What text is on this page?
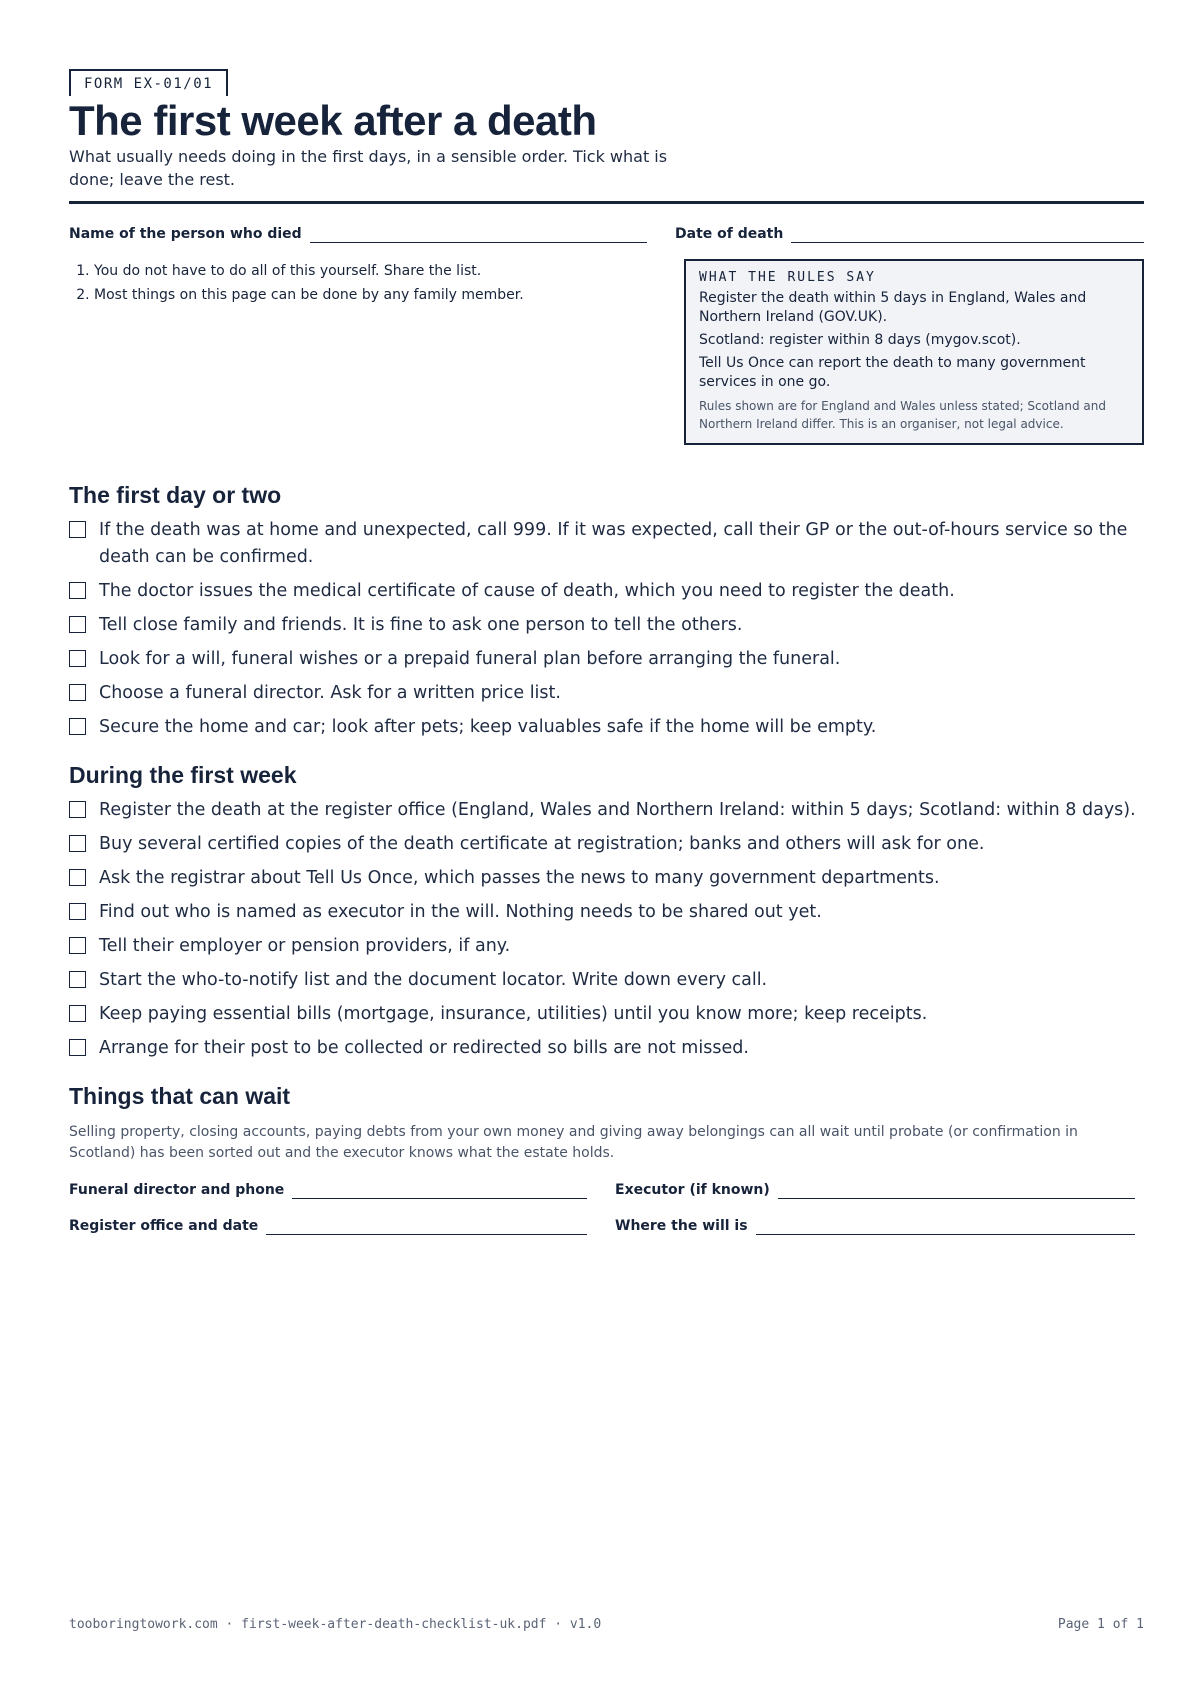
FORM EX-01/01
The first week after a death

What usually needs doing in the first days, in a sensible order. Tick what is done; leave the rest.

Name of the person who died	Date of death
1. You do not have to do all of this yourself. Share the list.
2. Most things on this page can be done by any family member.
WHAT THE RULES SAY
Register the death within 5 days in England, Wales and Northern Ireland (GOV.UK).
Scotland: register within 8 days (mygov.scot).
Tell Us Once can report the death to many government services in one go.
Rules shown are for England and Wales unless stated; Scotland and Northern Ireland differ. This is an organiser, not legal advice.
The first day or two
If the death was at home and unexpected, call 999. If it was expected, call their GP or the out-of-hours service so the death can be confirmed.
The doctor issues the medical certificate of cause of death, which you need to register the death.
Tell close family and friends. It is fine to ask one person to tell the others.
Look for a will, funeral wishes or a prepaid funeral plan before arranging the funeral.
Choose a funeral director. Ask for a written price list.
Secure the home and car; look after pets; keep valuables safe if the home will be empty.
During the first week
Register the death at the register office (England, Wales and Northern Ireland: within 5 days; Scotland: within 8 days).
Buy several certified copies of the death certificate at registration; banks and others will ask for one.
Ask the registrar about Tell Us Once, which passes the news to many government departments.
Find out who is named as executor in the will. Nothing needs to be shared out yet.
Tell their employer or pension providers, if any.
Start the who-to-notify list and the document locator. Write down every call.
Keep paying essential bills (mortgage, insurance, utilities) until you know more; keep receipts.
Arrange for their post to be collected or redirected so bills are not missed.
Things that can wait
Selling property, closing accounts, paying debts from your own money and giving away belongings can all wait until probate (or confirmation in Scotland) has been sorted out and the executor knows what the estate holds.
Funeral director and phone	Executor (if known)
Register office and date	Where the will is
tooboringtowork.com · first-week-after-death-checklist-uk.pdf · v1.0	Page 1 of 1
